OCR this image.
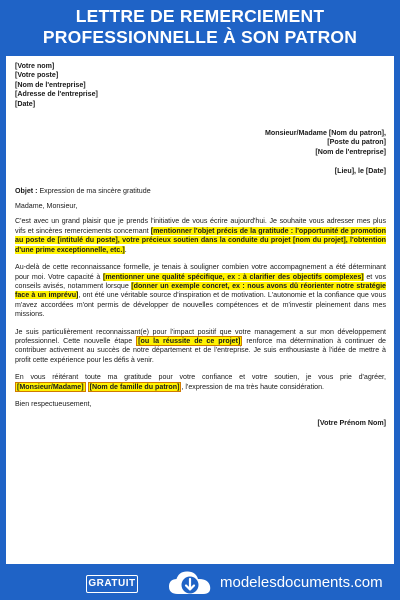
LETTRE DE REMERCIEMENT
PROFESSIONNELLE À SON PATRON
[Votre nom]
[Votre poste]
[Nom de l'entreprise]
[Adresse de l'entreprise]
[Date]
Monsieur/Madame [Nom du patron],
[Poste du patron]
[Nom de l'entreprise]
[Lieu], le [Date]
Objet : Expression de ma sincère gratitude
Madame, Monsieur,

C'est avec un grand plaisir que je prends l'initiative de vous écrire aujourd'hui. Je souhaite vous adresser mes plus vifs et sincères remerciements concernant [mentionner l'objet précis de la gratitude : l'opportunité de promotion au poste de [intitulé du poste], votre précieux soutien dans la conduite du projet [nom du projet], l'obtention d'une prime exceptionnelle, etc.].

Au-delà de cette reconnaissance formelle, je tenais à souligner combien votre accompagnement a été déterminant pour moi. Votre capacité à [mentionner une qualité spécifique, ex : à clarifier des objectifs complexes] et vos conseils avisés, notamment lorsque [donner un exemple concret, ex : nous avons dû réorienter notre stratégie face à un imprévu], ont été une véritable source d'inspiration et de motivation. L'autonomie et la confiance que vous m'avez accordées m'ont permis de développer de nouvelles compétences et de m'investir pleinement dans mes missions.

Je suis particulièrement reconnaissant(e) pour l'impact positif que votre management a sur mon développement professionnel. Cette nouvelle étape [ou la réussite de ce projet] renforce ma détermination à continuer de contribuer activement au succès de notre département et de l'entreprise. Je suis enthousiaste à l'idée de mettre à profit cette expérience pour les défis à venir.

En vous réitérant toute ma gratitude pour votre confiance et votre soutien, je vous prie d'agréer, [Monsieur/Madame] [Nom de famille du patron] , l'expression de ma très haute considération.

Bien respectueusement,
[Votre Prénom Nom]
GRATUIT	modelesdocuments.com
